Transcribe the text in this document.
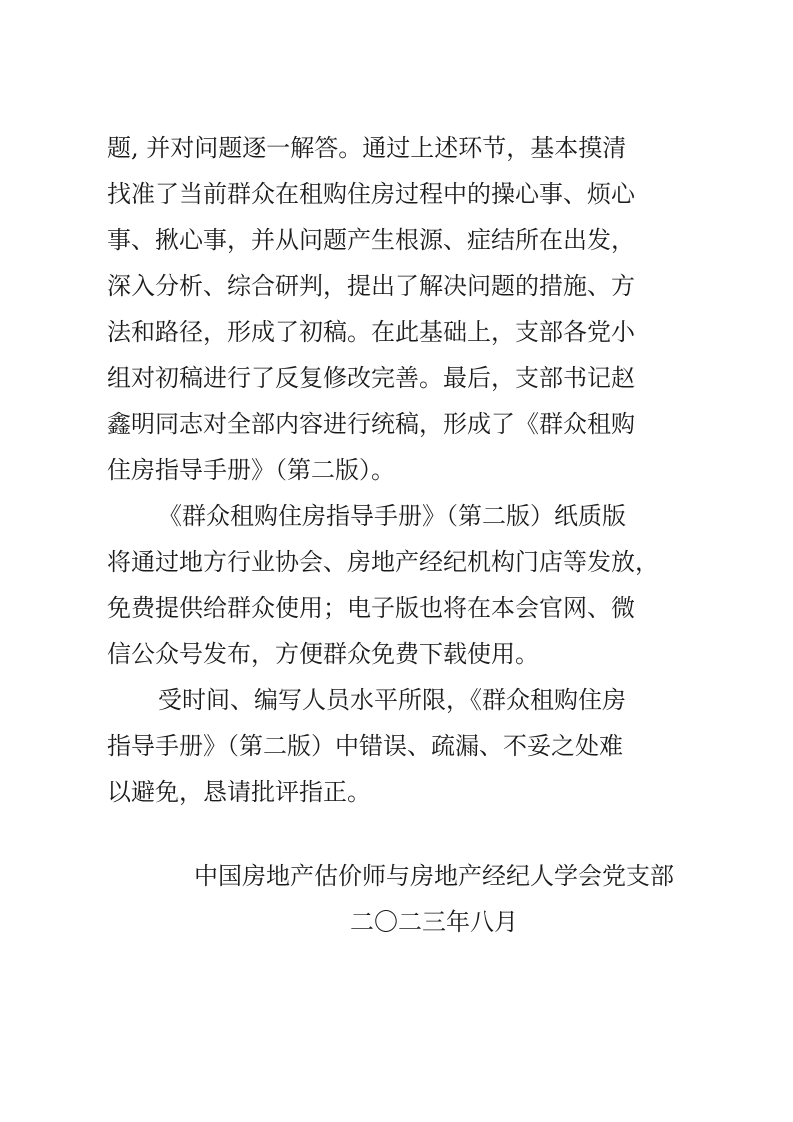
题, 并对问题逐一解答。通过上述环节，基本摸清
找准了当前群众在租购住房过程中的操心事、烦心
事、揪心事，并从问题产生根源、症结所在出发，
深入分析、综合研判，提出了解决问题的措施、方
法和路径，形成了初稿。在此基础上，支部各党小
组对初稿进行了反复修改完善。最后，支部书记赵
鑫明同志对全部内容进行统稿，形成了《群众租购
住房指导手册》（第二版）。
《群众租购住房指导手册》（第二版）纸质版
将通过地方行业协会、房地产经纪机构门店等发放，
免费提供给群众使用；电子版也将在本会官网、微
信公众号发布，方便群众免费下载使用。
受时间、编写人员水平所限，《群众租购住房
指导手册》（第二版）中错误、疏漏、不妥之处难
以避免，恳请批评指正。
中国房地产估价师与房地产经纪人学会党支部
二〇二三年八月
